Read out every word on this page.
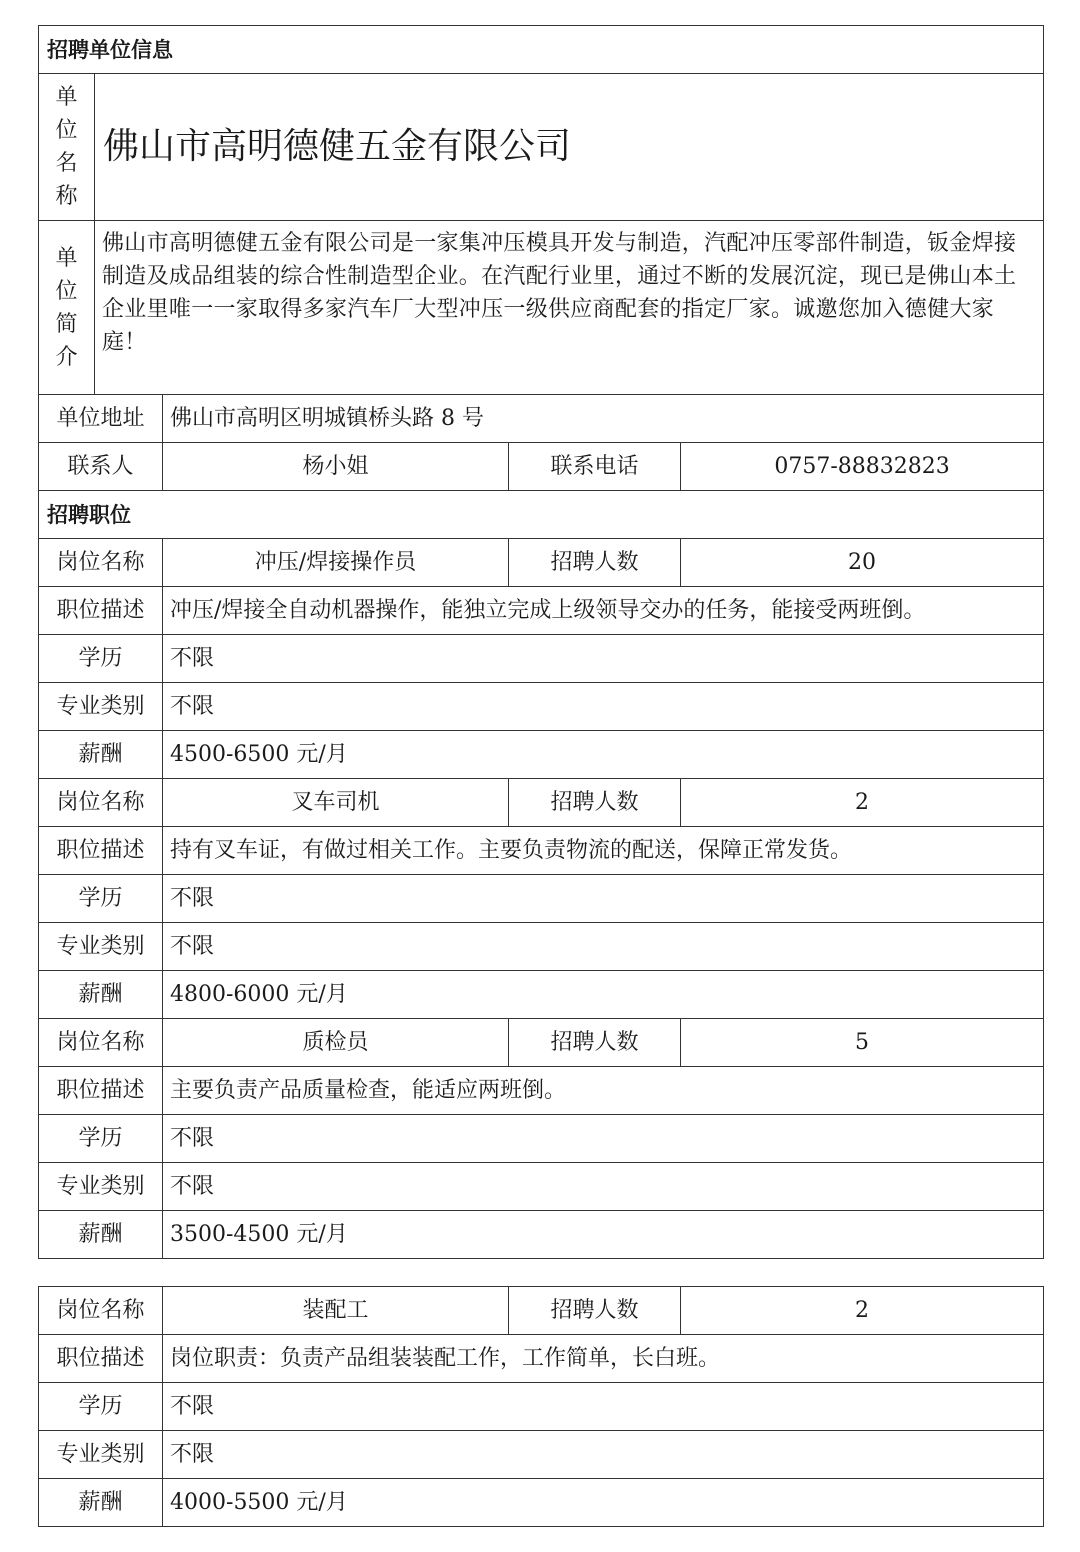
招聘单位信息				

单
位
名
称	佛山市高明德健五金有限公司			

单
位
简
介	佛山市高明德健五金有限公司是一家集冲压模具开发与制造，汽配冲压零部件制造，钣金焊接制造及成品组装的综合性制造型企业。在汽配行业里，通过不断的发展沉淀，现已是佛山本土企业里唯一一家取得多家汽车厂大型冲压一级供应商配套的指定厂家。诚邀您加入德健大家庭！			
单位地址		佛山市高明区明城镇桥头路 8 号		
联系人		杨小姐	联系电话	0757-88832823
招聘职位				
岗位名称		冲压/焊接操作员	招聘人数	20
职位描述		冲压/焊接全自动机器操作，能独立完成上级领导交办的任务，能接受两班倒。		
学历		不限		
专业类别		不限		
薪酬		4500-6500 元/月		
岗位名称		叉车司机	招聘人数	2
职位描述		持有叉车证，有做过相关工作。主要负责物流的配送，保障正常发货。		
学历		不限		
专业类别		不限		
薪酬		4800-6000 元/月		
岗位名称		质检员	招聘人数	5
职位描述		主要负责产品质量检查，能适应两班倒。		
学历		不限		
专业类别		不限		
薪酬		3500-4500 元/月		
岗位名称	装配工	招聘人数	2
职位描述	岗位职责：负责产品组装装配工作，工作简单，长白班。		
学历	不限		
专业类别	不限		
薪酬	4000-5500 元/月		
